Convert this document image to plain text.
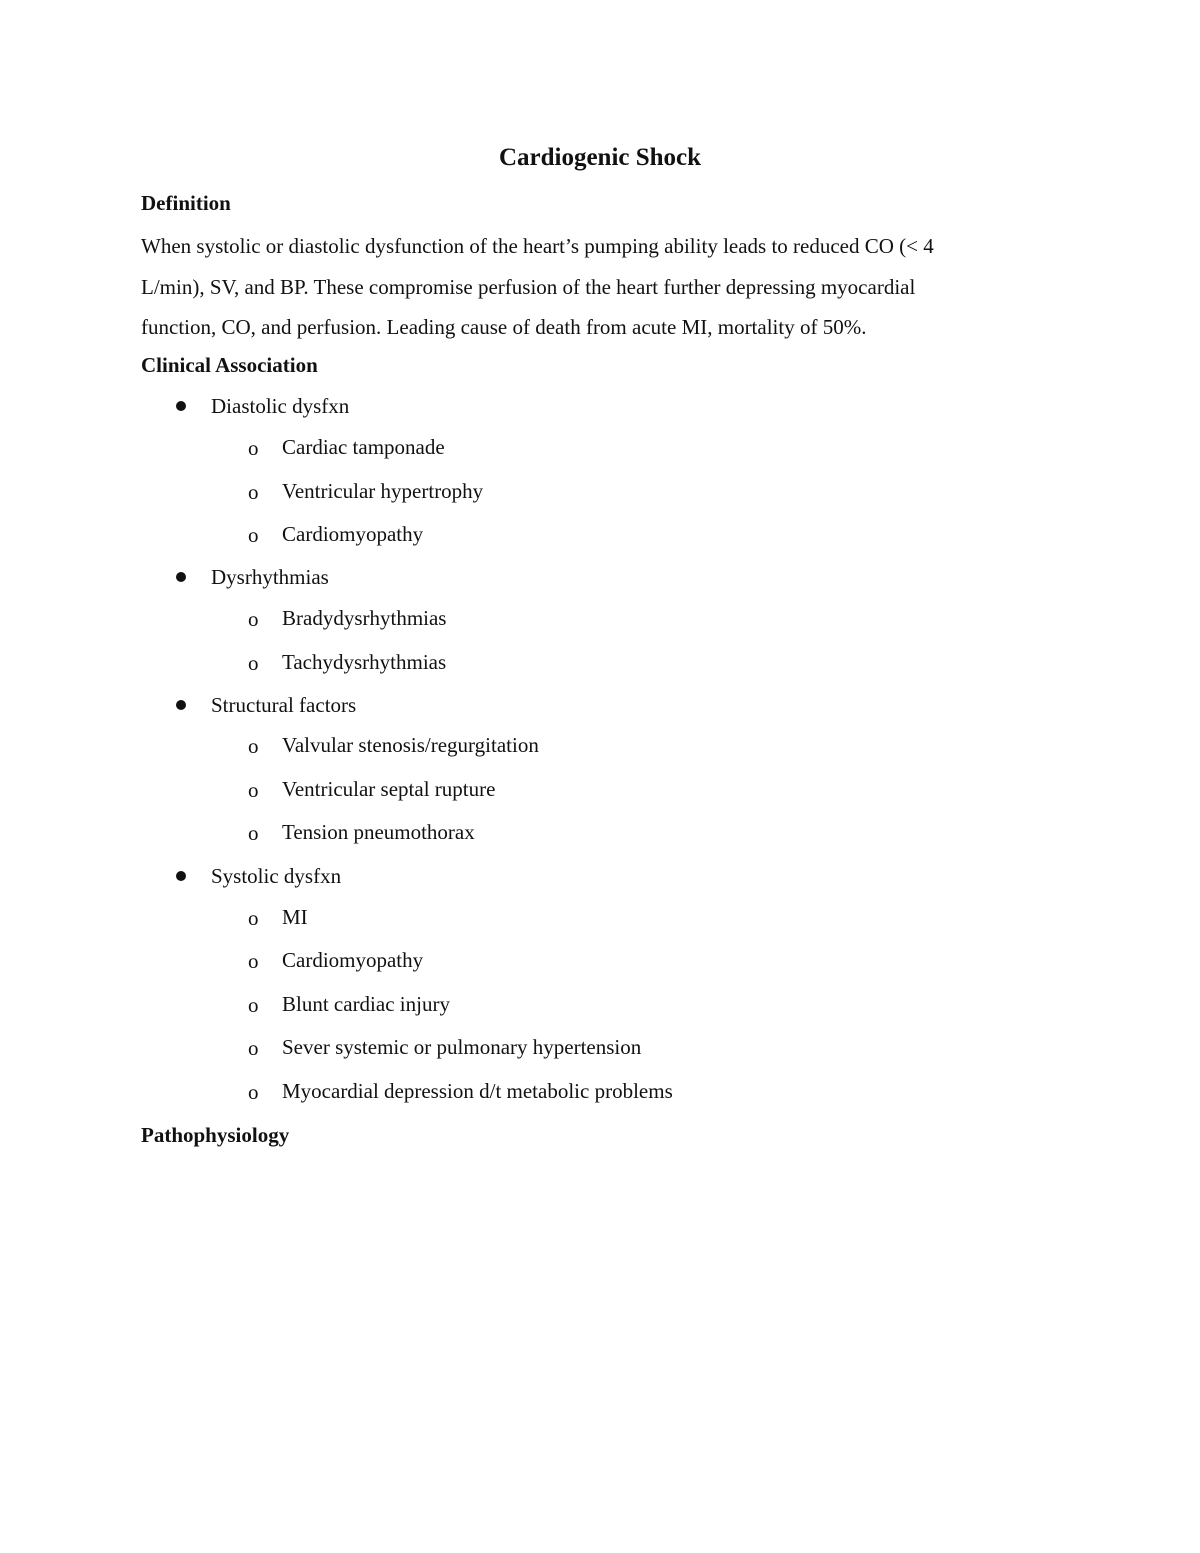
Cardiogenic Shock
Definition
When systolic or diastolic dysfunction of the heart’s pumping ability leads to reduced CO (< 4
L/min), SV, and BP. These compromise perfusion of the heart further depressing myocardial
function, CO, and perfusion. Leading cause of death from acute MI, mortality of 50%.
Clinical Association
Diastolic dysfxn
o Cardiac tamponade
o Ventricular hypertrophy
o Cardiomyopathy
Dysrhythmias
o Bradydysrhythmias
o Tachydysrhythmias
Structural factors
o Valvular stenosis/regurgitation
o Ventricular septal rupture
o Tension pneumothorax
Systolic dysfxn
o MI
o Cardiomyopathy
o Blunt cardiac injury
o Sever systemic or pulmonary hypertension
o Myocardial depression d/t metabolic problems
Pathophysiology
